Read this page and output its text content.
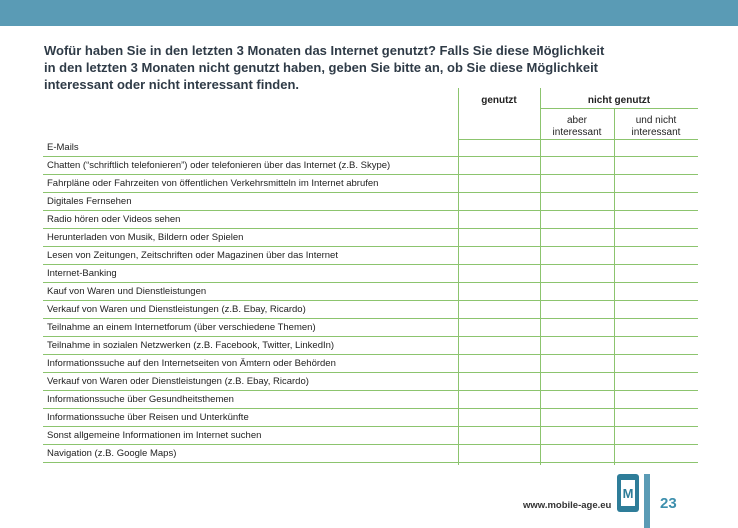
Wofür haben Sie in den letzten 3 Monaten das Internet genutzt? Falls Sie diese Möglichkeit
in den letzten 3 Monaten nicht genutzt haben, geben Sie bitte an, ob Sie diese Möglichkeit
interessant oder nicht interessant finden.
genutzt	nicht genutzt
aber
interessant
und nicht
interessant
E-Mails
Chatten (“schriftlich telefonieren”) oder telefonieren über das Internet (z.B. Skype)
Fahrpläne oder Fahrzeiten von öffentlichen Verkehrsmitteln im Internet abrufen
Digitales Fernsehen
Radio hören oder Videos sehen
Herunterladen von Musik, Bildern oder Spielen
Lesen von Zeitungen, Zeitschriften oder Magazinen über das Internet
Internet-Banking
Kauf von Waren und Dienstleistungen
Verkauf von Waren und Dienstleistungen (z.B. Ebay, Ricardo)
Teilnahme an einem Internetforum (über verschiedene Themen)
Teilnahme in sozialen Netzwerken (z.B. Facebook, Twitter, LinkedIn)
Informationssuche auf den Internetseiten von Ämtern oder Behörden
Verkauf von Waren oder Dienstleistungen (z.B. Ebay, Ricardo)
Informationssuche über Gesundheitsthemen
Informationssuche über Reisen und Unterkünfte
Sonst allgemeine Informationen im Internet suchen
Navigation (z.B. Google Maps)
www.mobile-age.eu
M
23
